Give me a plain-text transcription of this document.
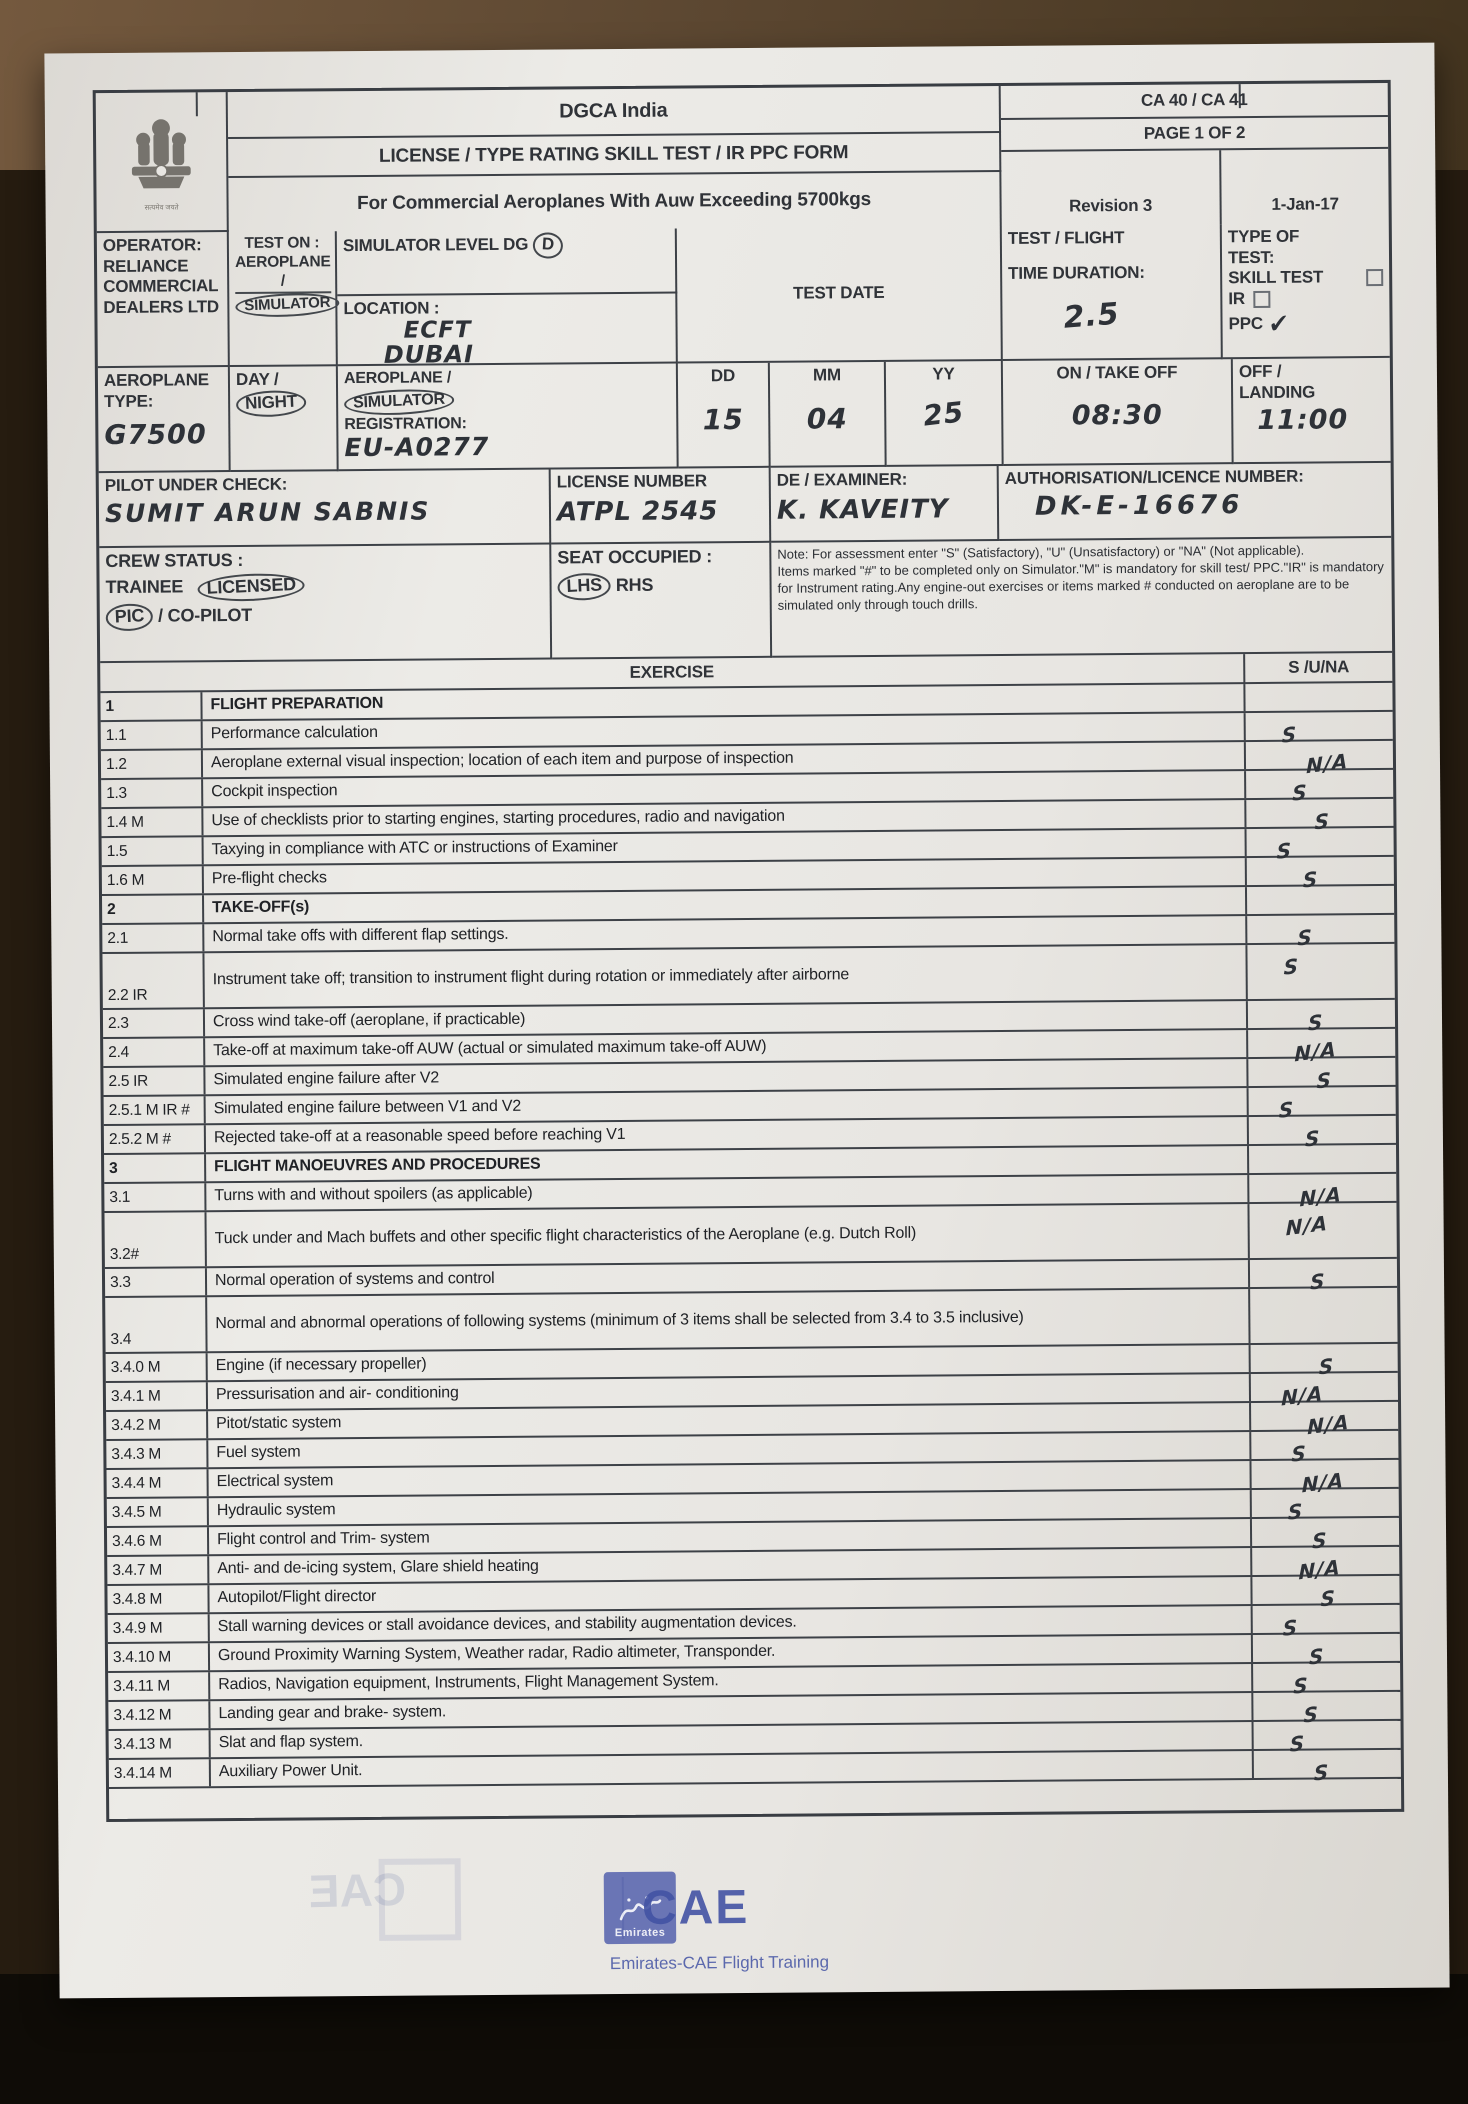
सत्यमेव जयते
DGCA India
LICENSE / TYPE RATING SKILL TEST / IR PPC FORM
For Commercial Aeroplanes With Auw Exceeding 5700kgs
CA 40 / CA 41
PAGE 1 OF 2
Revision 3	1-Jan-17
OPERATOR:
RELIANCE
COMMERCIAL
DEALERS LTD
TEST ON :
AEROPLANE /
SIMULATOR
SIMULATOR LEVEL DG D
LOCATION :
ECFT
DUBAI
TEST DATE
TEST / FLIGHT
TIME DURATION:
2.5
TYPE OF
TEST:
SKILL TEST
IR
PPC ✔
AEROPLANE
TYPE:
G7500
DAY /
NIGHT
AEROPLANE /
SIMULATOR
REGISTRATION:
EU-A0277
DD
15
MM
04
YY
25
ON / TAKE OFF
08:30
OFF /
LANDING
11:00
PILOT UNDER CHECK:
SUMIT ARUN SABNIS
LICENSE NUMBER
ATPL 2545
DE / EXAMINER:
K. KAVEITY
AUTHORISATION/LICENCE NUMBER:
DK-E-16676
CREW STATUS :
TRAINEE LICENSED
PIC / CO-PILOT
SEAT OCCUPIED :
LHS RHS
Note: For assessment enter "S" (Satisfactory), "U" (Unsatisfactory) or "NA" (Not applicable).
Items marked "#" to be completed only on Simulator."M" is mandatory for skill test/ PPC."IR" is mandatory for Instrument rating.Any engine-out exercises or items marked # conducted on aeroplane are to be simulated only through touch drills.
EXERCISE	S /U/NA
1	FLIGHT PREPARATION
1.1	Performance calculation	S
1.2	Aeroplane external visual inspection; location of each item and purpose of inspection	N/A
1.3	Cockpit inspection	S
1.4 M	Use of checklists prior to starting engines, starting procedures, radio and navigation	S
1.5	Taxying in compliance with ATC or instructions of Examiner	S
1.6 M	Pre-flight checks	S
2	TAKE-OFF(s)
2.1	Normal take offs with different flap settings.	S
2.2 IR
Instrument take off; transition to instrument flight during rotation or immediately after airborne	S
2.3	Cross wind take-off (aeroplane, if practicable)	S
2.4	Take-off at maximum take-off AUW (actual or simulated maximum take-off AUW)	N/A
2.5 IR	Simulated engine failure after V2	S
2.5.1 M IR #	Simulated engine failure between V1 and V2	S
2.5.2 M #	Rejected take-off at a reasonable speed before reaching V1	S
3	FLIGHT MANOEUVRES AND PROCEDURES
3.1	Turns with and without spoilers (as applicable)	N/A
3.2#
Tuck under and Mach buffets and other specific flight characteristics of the Aeroplane (e.g. Dutch Roll)	N/A
3.3	Normal operation of systems and control	S
3.4
Normal and abnormal operations of following systems (minimum of 3 items shall be selected from 3.4 to 3.5 inclusive)
3.4.0 M	Engine (if necessary propeller)	S
3.4.1 M	Pressurisation and air- conditioning	N/A
3.4.2 M	Pitot/static system	N/A
3.4.3 M	Fuel system	S
3.4.4 M	Electrical system	N/A
3.4.5 M	Hydraulic system	S
3.4.6 M	Flight control and Trim- system	S
3.4.7 M	Anti- and de-icing system, Glare shield heating	N/A
3.4.8 M	Autopilot/Flight director	S
3.4.9 M	Stall warning devices or stall avoidance devices, and stability augmentation devices.	S
3.4.10 M	Ground Proximity Warning System, Weather radar, Radio altimeter, Transponder.	S
3.4.11 M	Radios, Navigation equipment, Instruments, Flight Management System.	S
3.4.12 M	Landing gear and brake- system.	S
3.4.13 M	Slat and flap system.	S
3.4.14 M	Auxiliary Power Unit.	S
CAE
Emirates
CAE
Emirates-CAE Flight Training
